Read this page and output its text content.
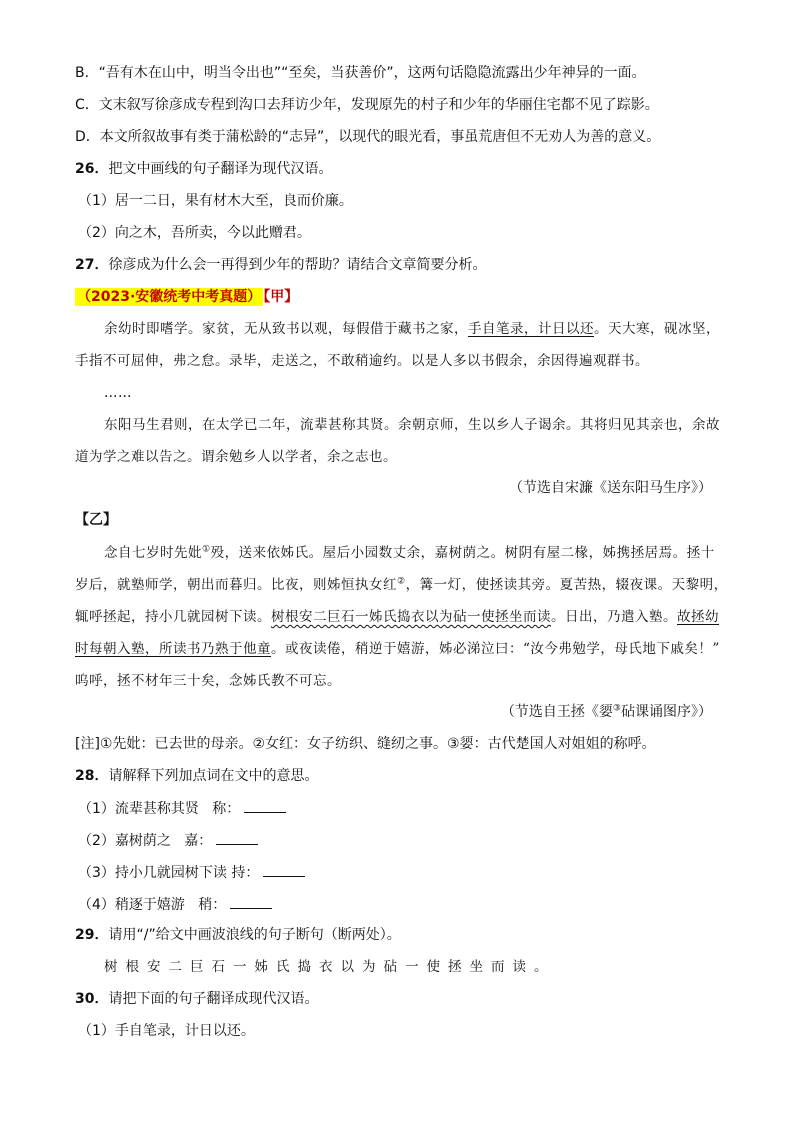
B．“吾有木在山中，明当令出也”“至矣，当获善价”，这两句话隐隐流露出少年神异的一面。
C．文末叙写徐彦成专程到沟口去拜访少年，发现原先的村子和少年的华丽住宅都不见了踪影。
D．本文所叙故事有类于蒲松龄的“志异”，以现代的眼光看，事虽荒唐但不无劝人为善的意义。
26．把文中画线的句子翻译为现代汉语。
（1）居一二日，果有材木大至，良而价廉。
（2）向之木，吾所卖，今以此赠君。
27．徐彦成为什么会一再得到少年的帮助？请结合文章简要分析。
（2023·安徽统考中考真题） 【甲】
余幼时即嗜学。家贫，无从致书以观，每假借于藏书之家，手自笔录，计日以还。天大寒，砚冰坚，
手指不可屈伸，弗之怠。录毕，走送之，不敢稍逾约。以是人多以书假余，余因得遍观群书。
……
东阳马生君则，在太学已二年，流辈甚称其贤。余朝京师，生以乡人子谒余。其将归见其亲也，余故
道为学之难以告之。谓余勉乡人以学者，余之志也。
（节选自宋濂《送东阳马生序》）
【乙】
念自七岁时先妣①殁，送来依姊氏。屋后小园数丈余，嘉树荫之。树阴有屋二椽，姊携拯居焉。拯十
岁后，就塾师学，朝出而暮归。比夜，则姊恒执女红②，篝一灯，使拯读其旁。夏苦热，辍夜课。天黎明，
辄呼拯起，持小几就园树下读。树根安二巨石一姊氏捣衣以为砧一使拯坐而读。日出，乃遣入塾。故拯幼
时每朝入塾，所读书乃熟于他童。或夜读倦，稍逆于嬉游，姊必涕泣曰：“汝今弗勉学，母氏地下戚矣！”
呜呼，拯不材年三十矣，念姊氏教不可忘。
（节选自王拯《媭③砧课诵图序》）
[注]①先妣：已去世的母亲。②女红：女子纺织、缝纫之事。③媭：古代楚国人对姐姐的称呼。
28．请解释下列加点词在文中的意思。
（1）流辈甚称其贤 称：
（2）嘉树荫之 嘉：
（3）持小几就园树下读 持：
（4）稍逐于嬉游 稍：
29．请用“/”给文中画波浪线的句子断句（断两处）。
树根安二巨石一姊氏捣衣以为砧一使拯坐而读。
30．请把下面的句子翻译成现代汉语。
（1）手自笔录，计日以还。
